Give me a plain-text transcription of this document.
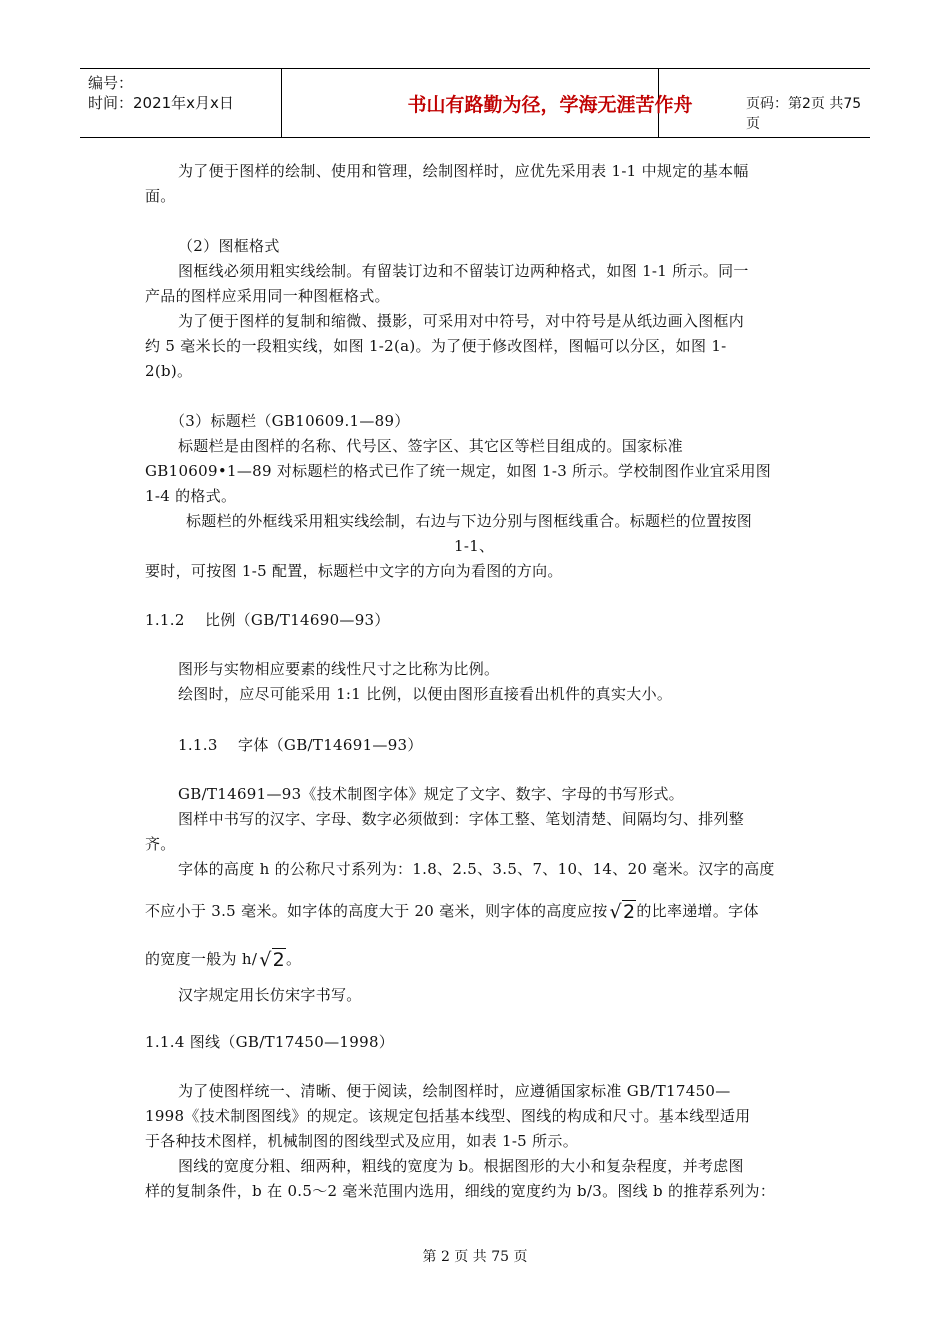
编号：
时间：2021年x月x日	书山有路勤为径，学海无涯苦作舟	页码：第2页 共75页
为了便于图样的绘制、使用和管理，绘制图样时，应优先采用表 1-1 中规定的基本幅
面。
（2）图框格式
图框线必须用粗实线绘制。有留装订边和不留装订边两种格式，如图 1-1 所示。同一
产品的图样应采用同一种图框格式。
为了便于图样的复制和缩微、摄影，可采用对中符号，对中符号是从纸边画入图框内
约 5 毫米长的一段粗实线，如图 1-2(a)。为了便于修改图样，图幅可以分区，如图 1-
2(b)。
（3）标题栏（GB10609.1—89）
标题栏是由图样的名称、代号区、签字区、其它区等栏目组成的。国家标准
GB10609•1—89 对标题栏的格式已作了统一规定，如图 1-3 所示。学校制图作业宜采用图
1-4 的格式。
标题栏的外框线采用粗实线绘制，右边与下边分别与图框线重合。标题栏的位置按图
1-1、
要时，可按图 1-5 配置，标题栏中文字的方向为看图的方向。
1.1.2　 比例（GB/T14690—93）
图形与实物相应要素的线性尺寸之比称为比例。
绘图时，应尽可能采用 1:1 比例，以便由图形直接看出机件的真实大小。
1.1.3　 字体（GB/T14691—93）
GB/T14691—93《技术制图字体》规定了文字、数字、字母的书写形式。
图样中书写的汉字、字母、数字必须做到：字体工整、笔划清楚、间隔均匀、排列整
齐。
字体的高度 h 的公称尺寸系列为：1.8、2.5、3.5、7、10、14、20 毫米。汉字的高度
不应小于 3.5 毫米。如字体的高度大于 20 毫米，则字体的高度应按 √2的比率递增。字体
的宽度一般为 h/ √2。
汉字规定用长仿宋字书写。
1.1.4 图线（GB/T17450—1998）
为了使图样统一、清晰、便于阅读，绘制图样时，应遵循国家标准 GB/T17450—
1998《技术制图图线》的规定。该规定包括基本线型、图线的构成和尺寸。基本线型适用
于各种技术图样，机械制图的图线型式及应用，如表 1-5 所示。
图线的宽度分粗、细两种，粗线的宽度为 b。根据图形的大小和复杂程度，并考虑图
样的复制条件，b 在 0.5～2 毫米范围内选用，细线的宽度约为 b/3。图线 b 的推荐系列为：
第 2 页 共 75 页
